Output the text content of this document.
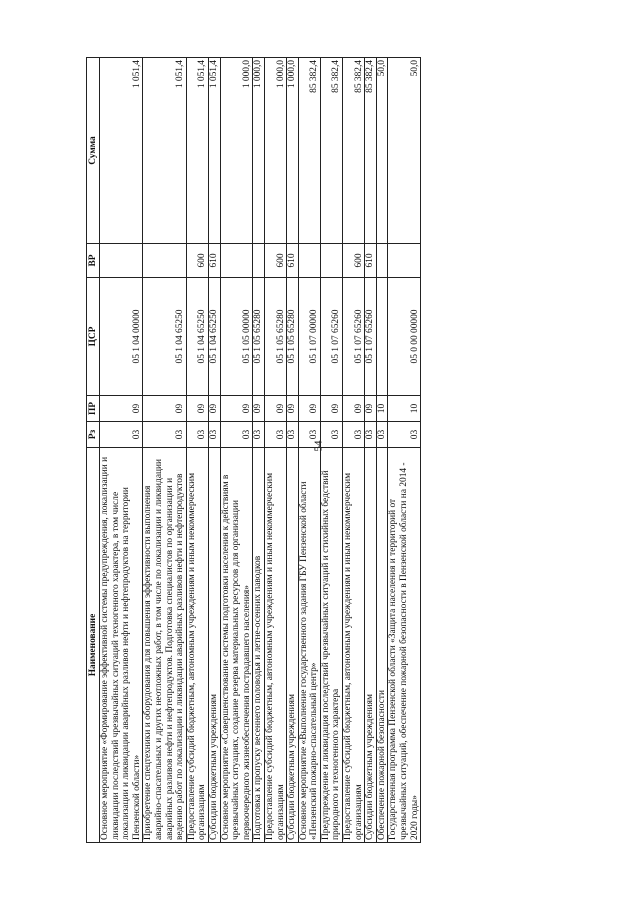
54
Наименование	Рз	ПР	ЦСР	ВР	Сумма
Основное мероприятие «Формирование эффективной системы предупреждения, локализации и ликвидации последствий чрезвычайных ситуаций техногенного характера, в том числе локализации и ликвидации аварийных разливов нефти и нефтепродуктов на территории Пензенской области»	03	09	05 1 04 00000		1 051,4
Приобретение спецтехники и оборудования для повышения эффективности выполнения аварийно-спасательных и других неотложных работ, в том числе по локализации и ликвидации аварийных разливов нефти и нефтепродуктов. Подготовка специалистов по организации и ведению работ по локализации и ликвидации аварийных разливов нефти и нефтепродуктов	03	09	05 1 04 65250		1 051,4
Предоставление субсидий бюджетным, автономным учреждениям и иным некоммерческим организациям	03	09	05 1 04 65250	600	1 051,4
Субсидии бюджетным учреждениям	03	09	05 1 04 65250	610	1 051,4
Основное мероприятие «Совершенствование системы подготовки населения к действиям в чрезвычайных ситуациях, создание резерва материальных ресурсов для организации первоочередного жизнеобеспечения пострадавшего населения»	03	09	05 1 05 00000		1 000,0
Подготовка к пропуску весеннего половодья и летне-осенних паводков	03	09	05 1 05 65280		1 000,0
Предоставление субсидий бюджетным, автономным учреждениям и иным некоммерческим организациям	03	09	05 1 05 65280	600	1 000,0
Субсидии бюджетным учреждениям	03	09	05 1 05 65280	610	1 000,0
Основное мероприятие «Выполнение государственного задания ГБУ Пензенской области «Пензенский пожарно-спасательный центр»	03	09	05 1 07 00000		85 382,4
Предупреждение и ликвидация последствий чрезвычайных ситуаций и стихийных бедствий природного и техногенного характера	03	09	05 1 07 65260		85 382,4
Предоставление субсидий бюджетным, автономным учреждениям и иным некоммерческим организациям	03	09	05 1 07 65260	600	85 382,4
Субсидии бюджетным учреждениям	03	09	05 1 07 65260	610	85 382,4
Обеспечение пожарной безопасности	03	10			50,0
Государственная программа Пензенской области «Защита населения и территорий от чрезвычайных ситуаций, обеспечение пожарной безопасности в Пензенской области на 2014 - 2020 годы»	03	10	05 0 00 00000		50,0
